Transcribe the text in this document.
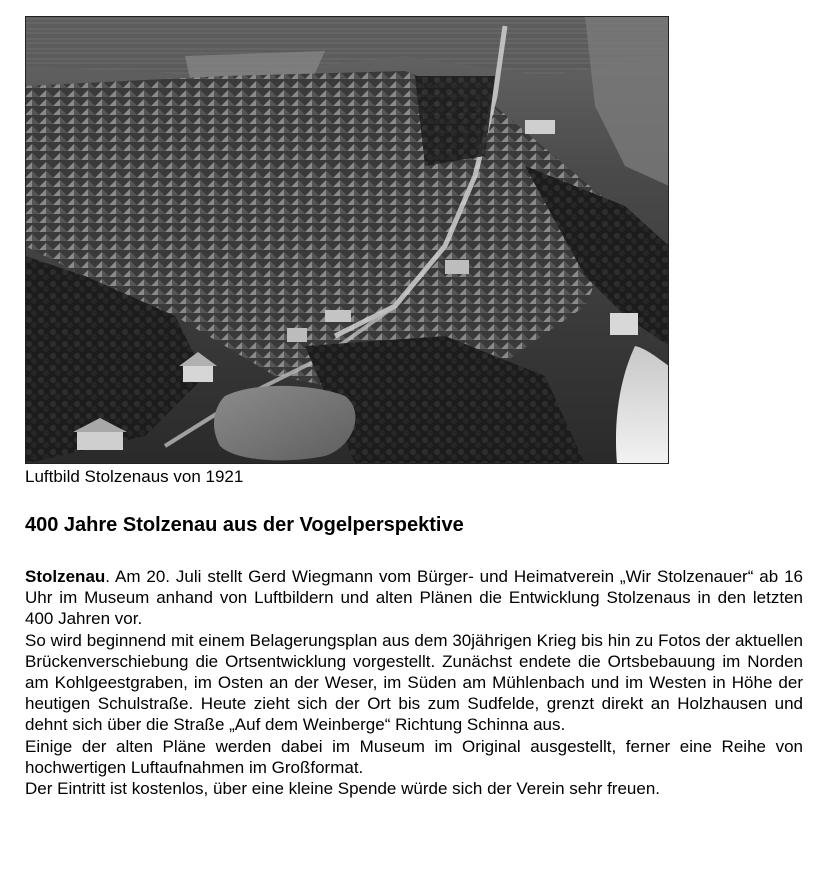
Luftbild Stolzenaus von 1921
400 Jahre Stolzenau aus der Vogelperspektive

Stolzenau. Am 20. Juli stellt Gerd Wiegmann vom Bürger- und Heimatverein „Wir Stolzenauer“ ab 16 Uhr im Museum anhand von Luftbildern und alten Plänen die Entwicklung Stolzenaus in den letzten 400 Jahren vor.

So wird beginnend mit einem Belagerungsplan aus dem 30jährigen Krieg bis hin zu Fotos der aktuellen Brückenverschiebung die Ortsentwicklung vorgestellt. Zunächst endete die Ortsbebauung im Norden am Kohlgeestgraben, im Osten an der Weser, im Süden am Mühlenbach und im Westen in Höhe der heutigen Schulstraße. Heute zieht sich der Ort bis zum Sudfelde, grenzt direkt an Holzhausen und dehnt sich über die Straße „Auf dem Weinberge“ Richtung Schinna aus.

Einige der alten Pläne werden dabei im Museum im Original ausgestellt, ferner eine Reihe von hochwertigen Luftaufnahmen im Großformat.

Der Eintritt ist kostenlos, über eine kleine Spende würde sich der Verein sehr freuen.
